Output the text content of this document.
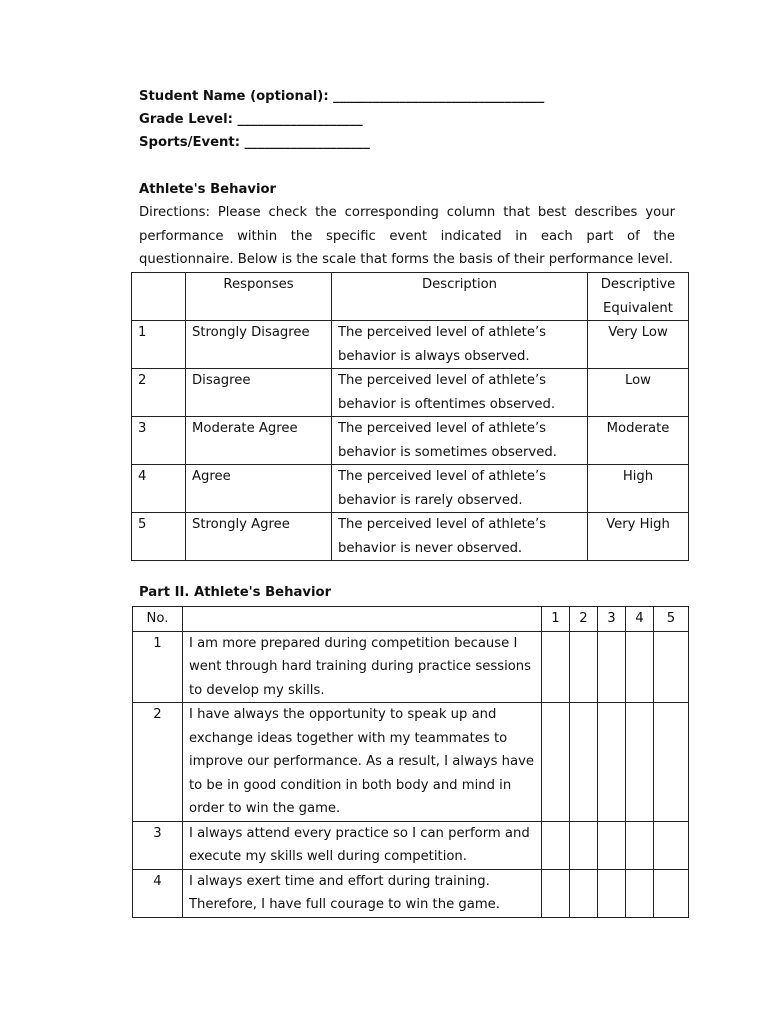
Student Name (optional): ________________________________
Grade Level: ___________________
Sports/Event: ___________________
Athlete's Behavior
Directions: Please check the corresponding column that best describes your
performance within the specific event indicated in each part of the
questionnaire. Below is the scale that forms the basis of their performance level.
	Responses	Description	Descriptive
Equivalent

1	Strongly Disagree	The perceived level of athlete’s
behavior is always observed.	Very Low
2	Disagree	The perceived level of athlete’s
behavior is oftentimes observed.	Low
3	Moderate Agree	The perceived level of athlete’s
behavior is sometimes observed.	Moderate
4	Agree	The perceived level of athlete’s
behavior is rarely observed.	High
5	Strongly Agree	The perceived level of athlete’s
behavior is never observed.	Very High
Part II. Athlete's Behavior
No.		1	2	3	4	5
1	I am more prepared during competition because I
went through hard training during practice sessions
to develop my skills.					

2	I have always the opportunity to speak up and
exchange ideas together with my teammates to
improve our performance. As a result, I always have
to be in good condition in both body and mind in
order to win the game.					

3	I always attend every practice so I can perform and
execute my skills well during competition.					

4	I always exert time and effort during training.
Therefore, I have full courage to win the game.					
